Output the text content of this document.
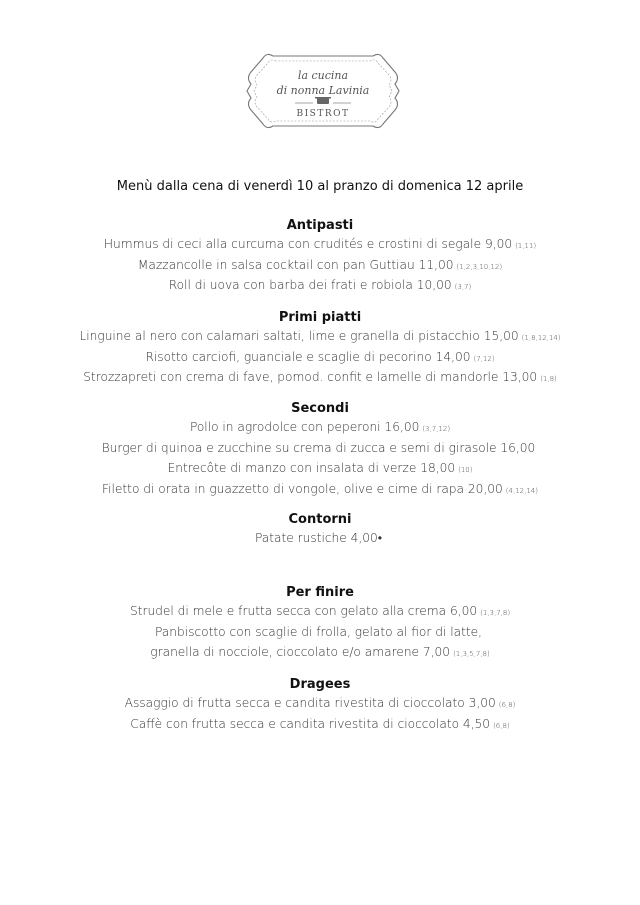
la cucina
di nonna Lavinia
BISTROT
Menù dalla cena di venerdì 10 al pranzo di domenica 12 aprile
Antipasti
Hummus di ceci alla curcuma con crudités e crostini di segale 9,00 (1,11)
Mazzancolle in salsa cocktail con pan Guttiau 11,00 (1,2,3,10,12)
Roll di uova con barba dei frati e robiola 10,00 (3,7)
Primi piatti
Linguine al nero con calamari saltati, lime e granella di pistacchio 15,00 (1,8,12,14)
Risotto carciofi, guanciale e scaglie di pecorino 14,00 (7,12)
Strozzapreti con crema di fave, pomod. confit e lamelle di mandorle 13,00 (1,8)
Secondi
Pollo in agrodolce con peperoni 16,00 (3,7,12)
Burger di quinoa e zucchine su crema di zucca e semi di girasole 16,00
Entrecôte di manzo con insalata di verze 18,00 (10)
Filetto di orata in guazzetto di vongole, olive e cime di rapa 20,00 (4,12,14)
Contorni
Patate rustiche 4,00•
Per finire
Strudel di mele e frutta secca con gelato alla crema 6,00 (1,3,7,8)
Panbiscotto con scaglie di frolla, gelato al fior di latte,
granella di nocciole, cioccolato e/o amarene 7,00 (1,3,5,7,8)
Dragees
Assaggio di frutta secca e candita rivestita di cioccolato 3,00 (6,8)
Caffè con frutta secca e candita rivestita di cioccolato 4,50 (6,8)
